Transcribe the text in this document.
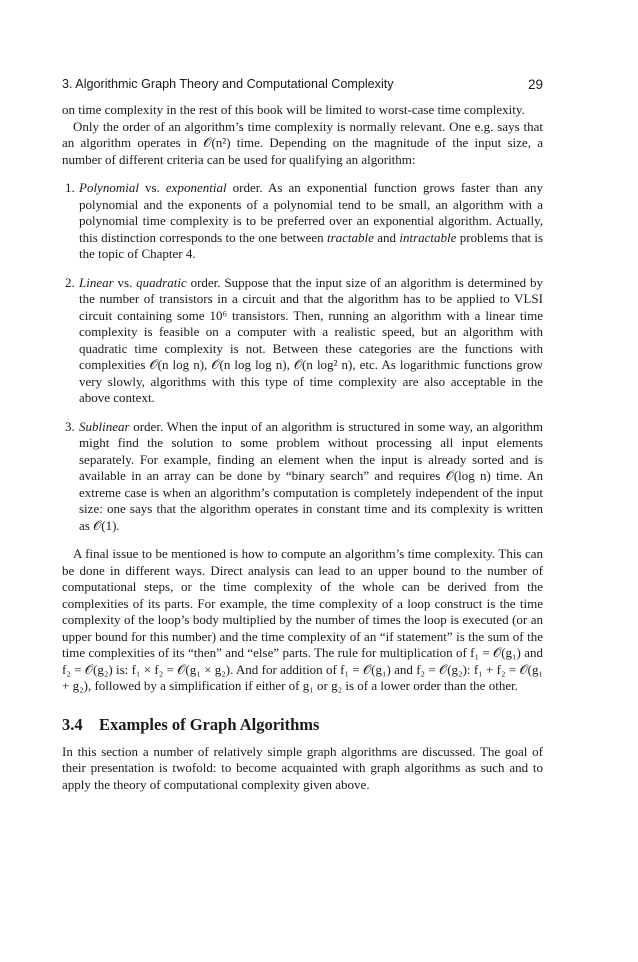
3. Algorithmic Graph Theory and Computational Complexity	29

on time complexity in the rest of this book will be limited to worst-case time complexity.

Only the order of an algorithm’s time complexity is normally relevant. One e.g. says that an algorithm operates in 𝒪(n²) time. Depending on the magnitude of the input size, a number of different criteria can be used for qualifying an algorithm:

1. Polynomial vs. exponential order. As an exponential function grows faster than any polynomial and the exponents of a polynomial tend to be small, an algorithm with a polynomial time complexity is to be preferred over an exponential algorithm. Actually, this distinction corresponds to the one between tractable and intractable problems that is the topic of Chapter 4.
2. Linear vs. quadratic order. Suppose that the input size of an algorithm is determined by the number of transistors in a circuit and that the algorithm has to be applied to VLSI circuit containing some 10⁶ transistors. Then, running an algorithm with a linear time complexity is feasible on a computer with a realistic speed, but an algorithm with quadratic time complexity is not. Between these categories are the functions with complexities 𝒪(n log n), 𝒪(n log log n), 𝒪(n log² n), etc. As logarithmic functions grow very slowly, algorithms with this type of time complexity are also acceptable in the above context.
3. Sublinear order. When the input of an algorithm is structured in some way, an algorithm might find the solution to some problem without processing all input elements separately. For example, finding an element when the input is already sorted and is available in an array can be done by “binary search” and requires 𝒪(log n) time. An extreme case is when an algorithm’s computation is completely independent of the input size: one says that the algorithm operates in constant time and its complexity is written as 𝒪(1).

A final issue to be mentioned is how to compute an algorithm’s time complexity. This can be done in different ways. Direct analysis can lead to an upper bound to the number of computational steps, or the time complexity of the whole can be derived from the complexities of its parts. For example, the time complexity of a loop construct is the time complexity of the loop’s body multiplied by the number of times the loop is executed (or an upper bound for this number) and the time complexity of an “if statement” is the sum of the time complexities of its “then” and “else” parts. The rule for multiplication of f₁ = 𝒪(g₁) and f₂ = 𝒪(g₂) is: f₁ × f₂ = 𝒪(g₁ × g₂). And for addition of f₁ = 𝒪(g₁) and f₂ = 𝒪(g₂): f₁ + f₂ = 𝒪(g₁ + g₂), followed by a simplification if either of g₁ or g₂ is of a lower order than the other.

3.4 Examples of Graph Algorithms

In this section a number of relatively simple graph algorithms are discussed. The goal of their presentation is twofold: to become acquainted with graph algorithms as such and to apply the theory of computational complexity given above.
